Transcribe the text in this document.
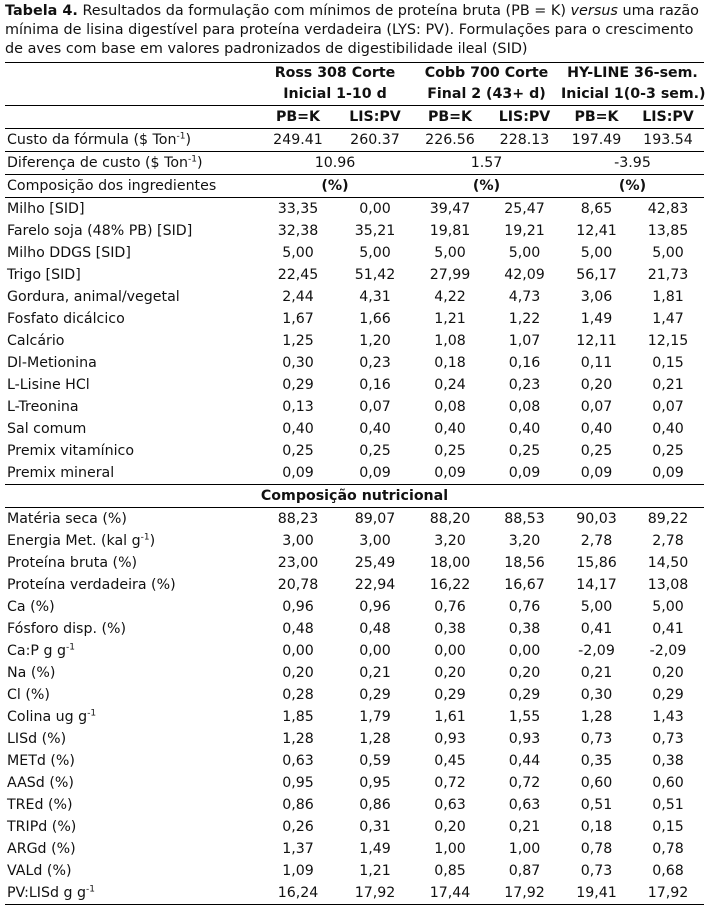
Tabela 4. Resultados da formulação com mínimos de proteína bruta (PB = K) versus uma razão mínima de lisina digestível para proteína verdadeira (LYS: PV). Formulações para o crescimento de aves com base em valores padronizados de digestibilidade ileal (SID)

	Ross 308 Corte		Cobb 700 Corte		HY-LINE 36-sem.	
	Inicial 1-10 d		Final 2 (43+ d)		Inicial 1(0-3 sem.)	
	PB=K	LIS:PV	PB=K	LIS:PV	PB=K	LIS:PV
Custo da fórmula ($ Ton$^{-1}$)	249.41	260.37	226.56	228.13	197.49	193.54
Diferença de custo ($ Ton$^{-1}$)	10.96		1.57		-3.95	
Composição dos ingredientes	(%)		(%)		(%)	
Milho [SID]	33,35	0,00	39,47	25,47	8,65	42,83
Farelo soja (48% PB) [SID]	32,38	35,21	19,81	19,21	12,41	13,85
Milho DDGS [SID]	5,00	5,00	5,00	5,00	5,00	5,00
Trigo [SID]	22,45	51,42	27,99	42,09	56,17	21,73
Gordura, animal/vegetal	2,44	4,31	4,22	4,73	3,06	1,81
Fosfato dicálcico	1,67	1,66	1,21	1,22	1,49	1,47
Calcário	1,25	1,20	1,08	1,07	12,11	12,15
Dl-Metionina	0,30	0,23	0,18	0,16	0,11	0,15
L-Lisine HCl	0,29	0,16	0,24	0,23	0,20	0,21
L-Treonina	0,13	0,07	0,08	0,08	0,07	0,07
Sal comum	0,40	0,40	0,40	0,40	0,40	0,40
Premix vitamínico	0,25	0,25	0,25	0,25	0,25	0,25
Premix mineral	0,09	0,09	0,09	0,09	0,09	0,09
Composição nutricional						
Matéria seca (%)	88,23	89,07	88,20	88,53	90,03	89,22
Energia Met. (kal $g^{-1}$)	3,00	3,00	3,20	3,20	2,78	2,78
Proteína bruta (%)	23,00	25,49	18,00	18,56	15,86	14,50
Proteína verdadeira (%)	20,78	22,94	16,22	16,67	14,17	13,08
Ca (%)	0,96	0,96	0,76	0,76	5,00	5,00
Fósforo disp. (%)	0,48	0,48	0,38	0,38	0,41	0,41
Ca:P g $g^{-1}$	0,00	0,00	0,00	0,00	-2,09	-2,09
Na (%)	0,20	0,21	0,20	0,20	0,21	0,20
Cl (%)	0,28	0,29	0,29	0,29	0,30	0,29
Colina ug $g^{-1}$	1,85	1,79	1,61	1,55	1,28	1,43
LISd (%)	1,28	1,28	0,93	0,93	0,73	0,73
METd (%)	0,63	0,59	0,45	0,44	0,35	0,38
AASd (%)	0,95	0,95	0,72	0,72	0,60	0,60
TREd (%)	0,86	0,86	0,63	0,63	0,51	0,51
TRIPd (%)	0,26	0,31	0,20	0,21	0,18	0,15
ARGd (%)	1,37	1,49	1,00	1,00	0,78	0,78
VALd (%)	1,09	1,21	0,85	0,87	0,73	0,68
PV:LISd g $g^{-1}$	16,24	17,92	17,44	17,92	19,41	17,92
